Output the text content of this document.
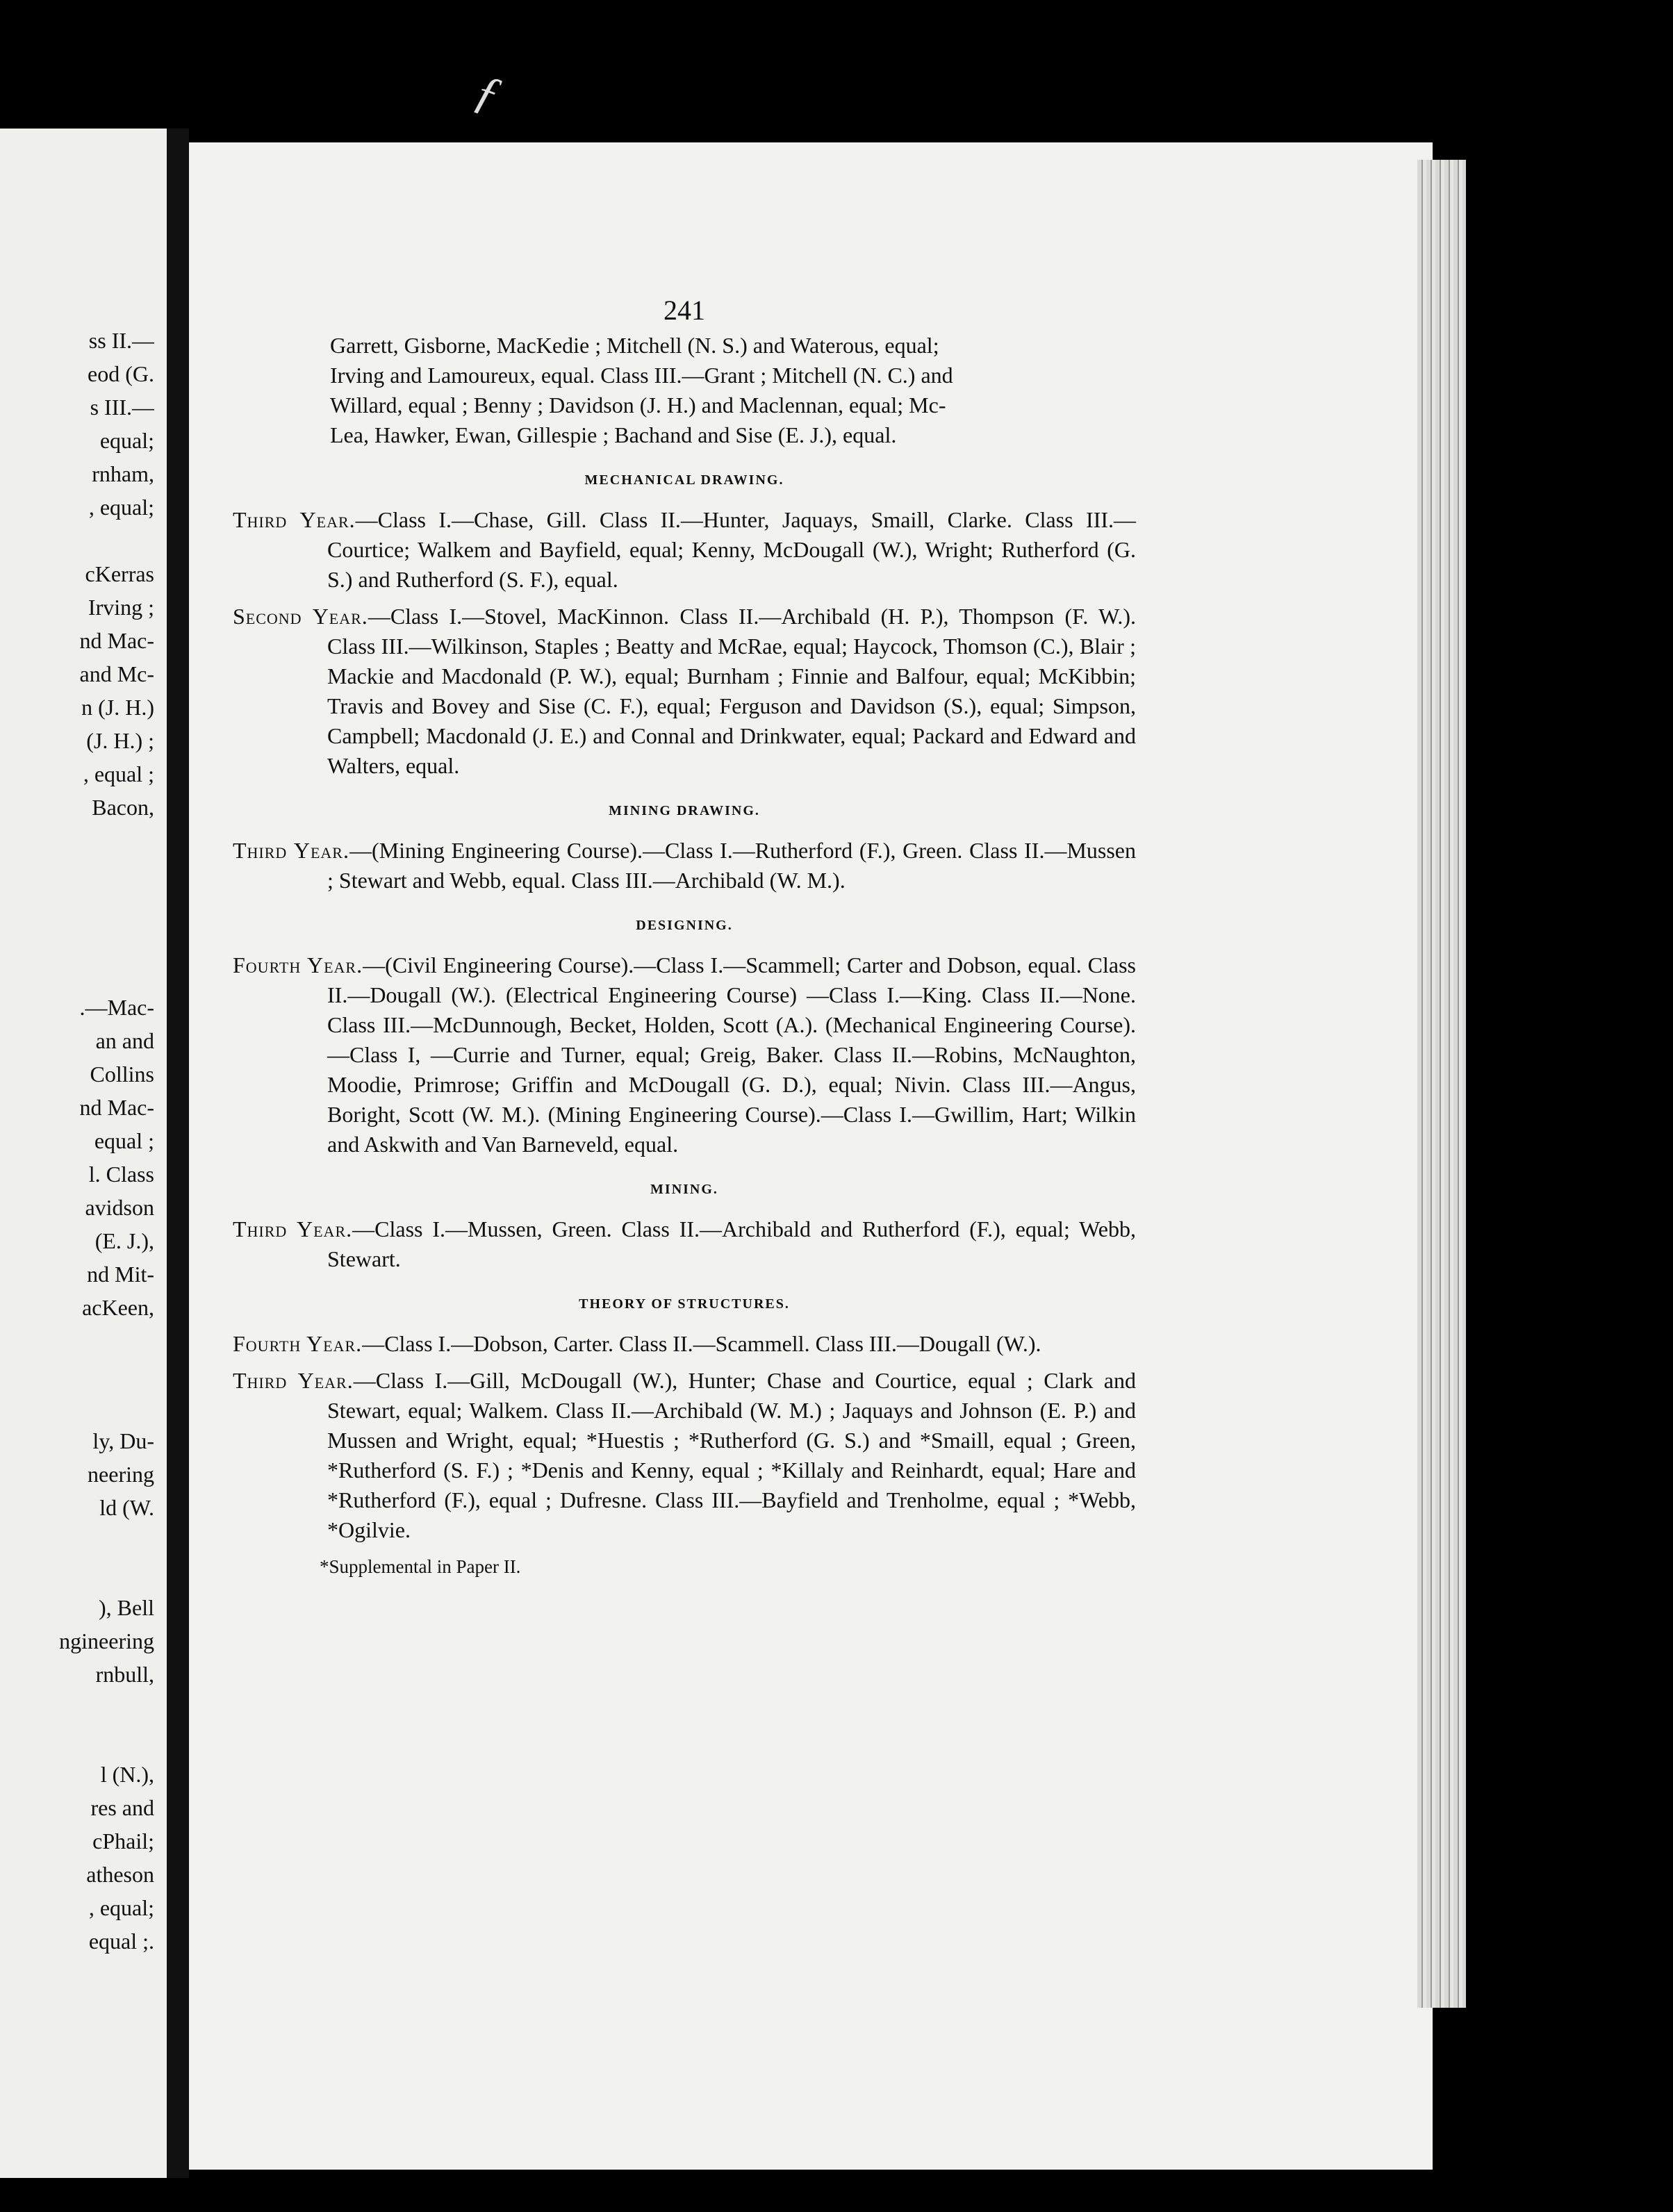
ss II.—
eod (G.
s III.—
equal;
rnham,
, equal;
cKerras
Irving ;
nd Mac-
and Mc-
n (J. H.)
(J. H.) ;
, equal ;
Bacon,
.—Mac-
an and
Collins
nd Mac-
equal ;
l. Class
avidson
(E. J.),
nd Mit-
acKeen,
ly, Du-
neering
ld (W.
), Bell
ngineering
rnbull,
l (N.),
res and
cPhail;
atheson
, equal;
equal ;.
ƒ
241
Garrett, Gisborne, MacKedie ; Mitchell (N. S.) and Waterous, equal;
Irving and Lamoureux, equal. Class III.—Grant ; Mitchell (N. C.) and
Willard, equal ; Benny ; Davidson (J. H.) and Maclennan, equal; Mc-
Lea, Hawker, Ewan, Gillespie ; Bachand and Sise (E. J.), equal.
MECHANICAL DRAWING.

Third Year.—Class I.—Chase, Gill. Class II.—Hunter, Jaquays, Smaill, Clarke. Class III.—Courtice; Walkem and Bayfield, equal; Kenny, McDougall (W.), Wright; Rutherford (G. S.) and Rutherford (S. F.), equal.

Second Year.—Class I.—Stovel, MacKinnon. Class II.—Archibald (H. P.), Thompson (F. W.). Class III.—Wilkinson, Staples ; Beatty and McRae, equal; Haycock, Thomson (C.), Blair ; Mackie and Macdonald (P. W.), equal; Burnham ; Finnie and Balfour, equal; McKibbin; Travis and Bovey and Sise (C. F.), equal; Ferguson and Davidson (S.), equal; Simpson, Campbell; Macdonald (J. E.) and Connal and Drinkwater, equal; Packard and Edward and Walters, equal.

MINING DRAWING.

Third Year.—(Mining Engineering Course).—Class I.—Rutherford (F.), Green. Class II.—Mussen ; Stewart and Webb, equal. Class III.—Archibald (W. M.).

DESIGNING.

Fourth Year.—(Civil Engineering Course).—Class I.—Scammell; Carter and Dobson, equal. Class II.—Dougall (W.). (Electrical Engineering Course) —Class I.—King. Class II.—None. Class III.—McDunnough, Becket, Holden, Scott (A.). (Mechanical Engineering Course).—Class I, —Currie and Turner, equal; Greig, Baker. Class II.—Robins, McNaughton, Moodie, Primrose; Griffin and McDougall (G. D.), equal; Nivin. Class III.—Angus, Boright, Scott (W. M.). (Mining Engineering Course).—Class I.—Gwillim, Hart; Wilkin and Askwith and Van Barneveld, equal.

MINING.

Third Year.—Class I.—Mussen, Green. Class II.—Archibald and Rutherford (F.), equal; Webb, Stewart.

THEORY OF STRUCTURES.

Fourth Year.—Class I.—Dobson, Carter. Class II.—Scammell. Class III.—Dougall (W.).

Third Year.—Class I.—Gill, McDougall (W.), Hunter; Chase and Courtice, equal ; Clark and Stewart, equal; Walkem. Class II.—Archibald (W. M.) ; Jaquays and Johnson (E. P.) and Mussen and Wright, equal; *Huestis ; *Rutherford (G. S.) and *Smaill, equal ; Green, *Rutherford (S. F.) ; *Denis and Kenny, equal ; *Killaly and Reinhardt, equal; Hare and *Rutherford (F.), equal ; Dufresne. Class III.—Bayfield and Trenholme, equal ; *Webb, *Ogilvie.

*Supplemental in Paper II.
